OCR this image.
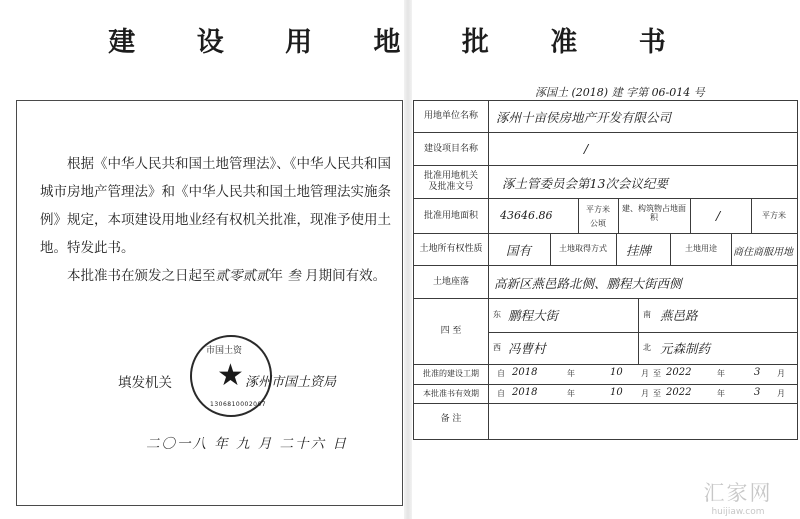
建 设 用 地 批 准 书
根据《中华人民共和国土地管理法》、《中华人民共和国城市房地产管理法》和《中华人民共和国土地管理法实施条例》规定，本项建设用地业经有权机关批准，现准予使用土地。特发此书。
本批准书在颁发之日起至贰零贰贰年 叁 月期间有效。
填发机关
市国土资
★
1306810002007
涿州市国土资局
二〇一八 年 九 月 二十六 日
涿国土 (2018) 建 字第 06-014 号
用地单位名称	涿州十亩侯房地产开发有限公司
建设项目名称	/
批准用地机关及批准文号	涿土管委员会第13次会议纪要
批准用地面积	43646.86	平方米
公顷
建、构筑物占地面积	/	平方米
土地所有权性质	国有	土地取得方式	挂牌	土地用途	商住商服用地
土地座落	高新区燕邑路北侧、鹏程大街西侧
四 至
东 鹏程大街	南 燕邑路
西 冯曹村	北 元森制药
批准的建设工期	自 2018	年	10 月 至 2022	年	3 月
本批准书有效期	自 2018	年	10 月 至 2022	年	3 月
备 注
汇家网
huijiaw.com
